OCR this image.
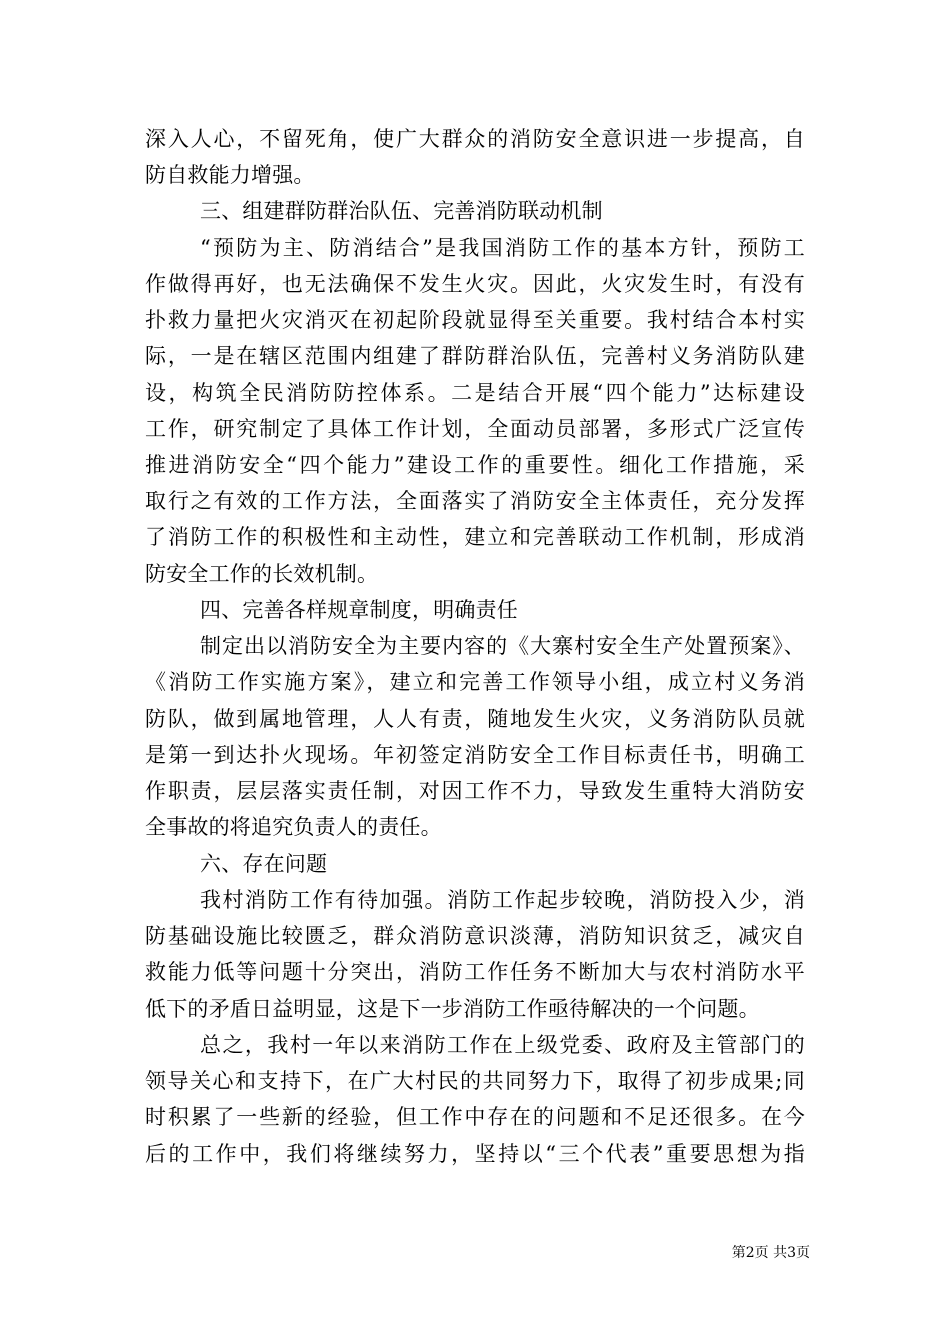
深入人心，不留死角，使广大群众的消防安全意识进一步提高，自
防自救能力增强。
三、组建群防群治队伍、完善消防联动机制
“预防为主、防消结合”是我国消防工作的基本方针，预防工
作做得再好，也无法确保不发生火灾。因此，火灾发生时，有没有
扑救力量把火灾消灭在初起阶段就显得至关重要。我村结合本村实
际，一是在辖区范围内组建了群防群治队伍，完善村义务消防队建
设，构筑全民消防防控体系。二是结合开展“四个能力”达标建设
工作，研究制定了具体工作计划，全面动员部署，多形式广泛宣传
推进消防安全“四个能力”建设工作的重要性。细化工作措施，采
取行之有效的工作方法，全面落实了消防安全主体责任，充分发挥
了消防工作的积极性和主动性，建立和完善联动工作机制，形成消
防安全工作的长效机制。
四、完善各样规章制度，明确责任
制定出以消防安全为主要内容的《大寨村安全生产处置预案》、
《消防工作实施方案》，建立和完善工作领导小组，成立村义务消
防队，做到属地管理，人人有责，随地发生火灾，义务消防队员就
是第一到达扑火现场。年初签定消防安全工作目标责任书，明确工
作职责，层层落实责任制，对因工作不力，导致发生重特大消防安
全事故的将追究负责人的责任。
六、存在问题
我村消防工作有待加强。消防工作起步较晚，消防投入少，消
防基础设施比较匮乏，群众消防意识淡薄，消防知识贫乏，减灾自
救能力低等问题十分突出，消防工作任务不断加大与农村消防水平
低下的矛盾日益明显，这是下一步消防工作亟待解决的一个问题。
总之，我村一年以来消防工作在上级党委、政府及主管部门的
领导关心和支持下，在广大村民的共同努力下，取得了初步成果;同
时积累了一些新的经验，但工作中存在的问题和不足还很多。在今
后的工作中，我们将继续努力，坚持以“三个代表”重要思想为指
第2页 共3页
